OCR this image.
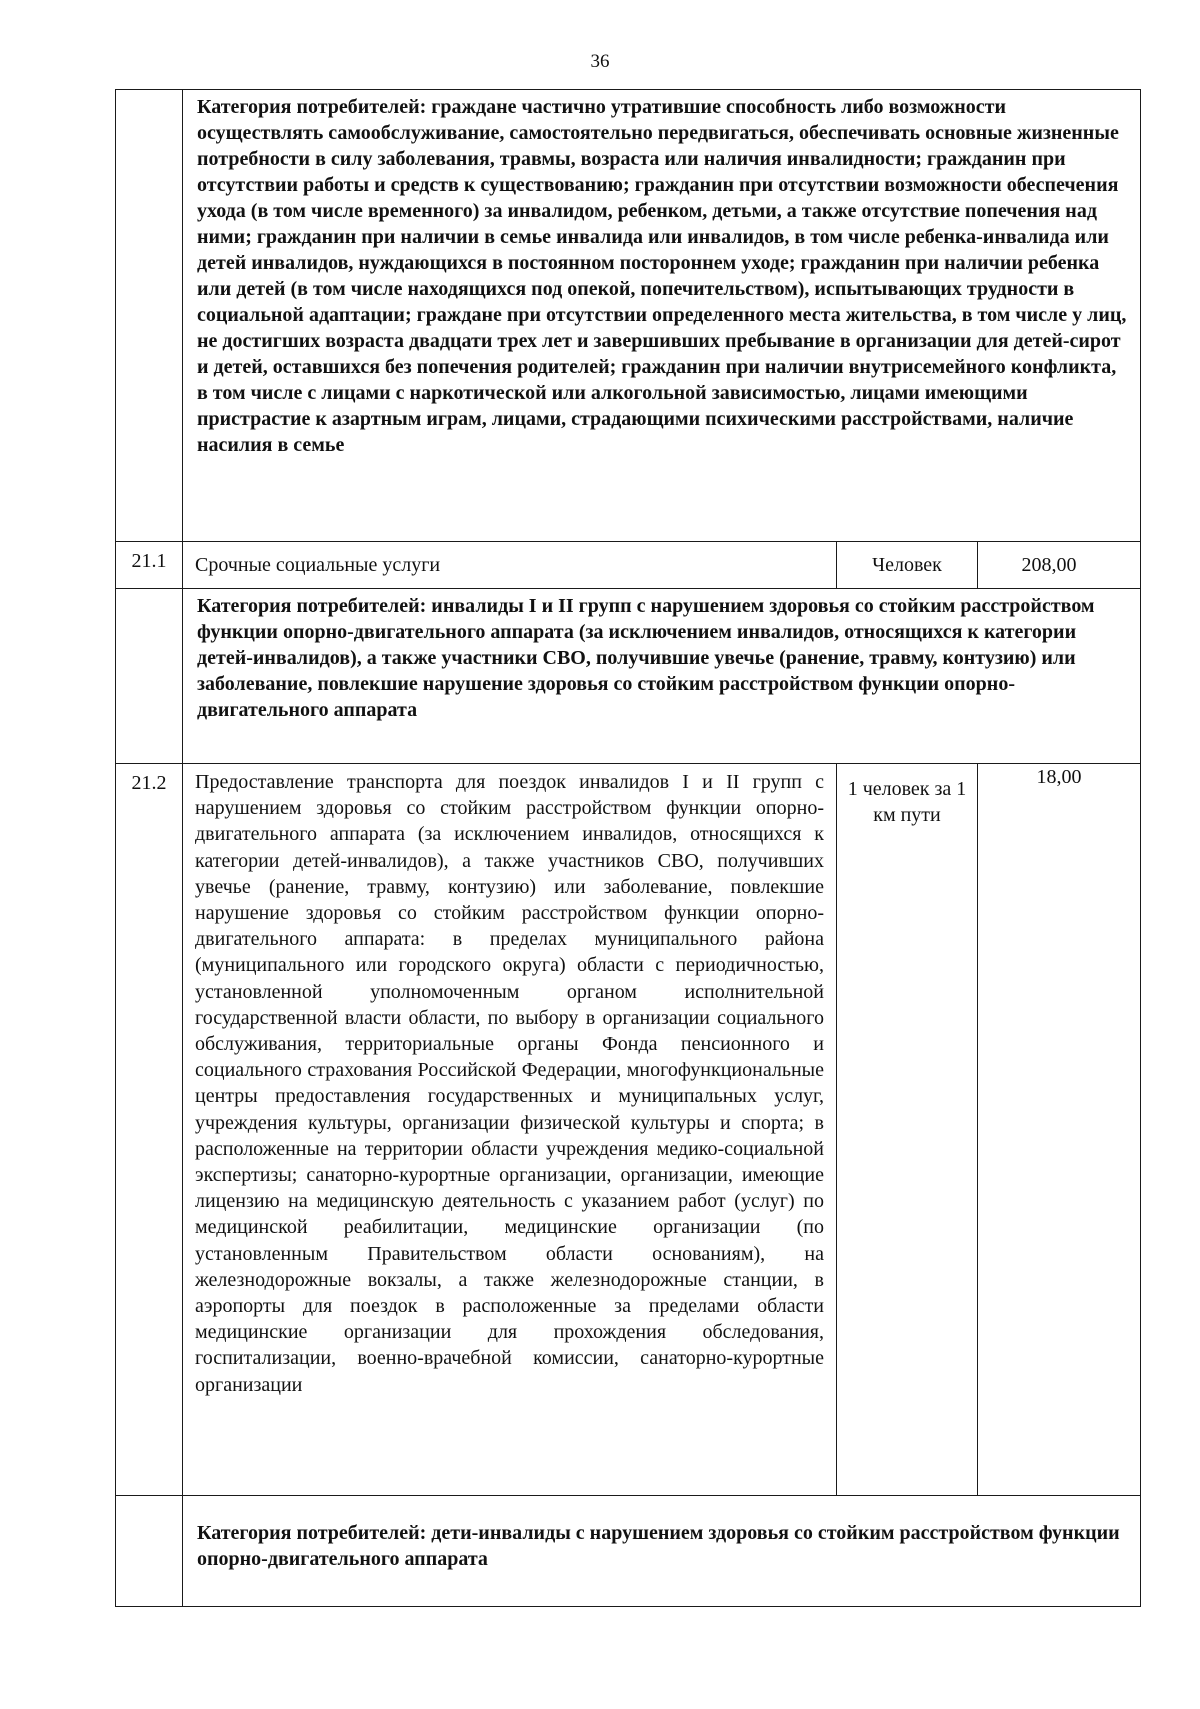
36

	Категория потребителей: граждане частично утратившие способность либо возможности осуществлять самообслуживание, самостоятельно передвигаться, обеспечивать основные жизненные потребности в силу заболевания, травмы, возраста или наличия инвалидности; гражданин при отсутствии работы и средств к существованию; гражданин при отсутствии возможности обеспечения ухода (в том числе временного) за инвалидом, ребенком, детьми, а также отсутствие попечения над ними; гражданин при наличии в семье инвалида или инвалидов, в том числе ребенка-инвалида или детей инвалидов, нуждающихся в постоянном постороннем уходе; гражданин при наличии ребенка или детей (в том числе находящихся под опекой, попечительством), испытывающих трудности в социальной адаптации; граждане при отсутствии определенного места жительства, в том числе у лиц, не достигших возраста двадцати трех лет и завершивших пребывание в организации для детей-сирот и детей, оставшихся без попечения родителей; гражданин при наличии внутрисемейного конфликта, в том числе с лицами с наркотической или алкогольной зависимостью, лицами имеющими пристрастие к азартным играм, лицами, страдающими психическими расстройствами, наличие насилия в семье		

21.1	Срочные социальные услуги	Человек	208,00

	Категория потребителей: инвалиды I и II групп с нарушением здоровья со стойким расстройством функции опорно-двигательного аппарата (за исключением инвалидов, относящихся к категории детей-инвалидов), а также участники СВО, получившие увечье (ранение, травму, контузию) или заболевание, повлекшие нарушение здоровья со стойким расстройством функции опорно-двигательного аппарата		

21.2	Предоставление транспорта для поездок инвалидов I и II групп с нарушением здоровья со стойким расстройством функции опорно-двигательного аппарата (за исключением инвалидов, относящихся к категории детей-инвалидов), а также участников СВО, получивших увечье (ранение, травму, контузию) или заболевание, повлекшие нарушение здоровья со стойким расстройством функции опорно-двигательного аппарата: в пределах муниципального района (муниципального или городского округа) области с периодичностью, установленной уполномоченным органом исполнительной государственной власти области, по выбору в организации социального обслуживания, территориальные органы Фонда пенсионного и социального страхования Российской Федерации, многофункциональные центры предоставления государственных и муниципальных услуг, учреждения культуры, организации физической культуры и спорта; в расположенные на территории области учреждения медико-социальной экспертизы; санаторно-курортные организации, организации, имеющие лицензию на медицинскую деятельность с указанием работ (услуг) по медицинской реабилитации, медицинские организации (по установленным Правительством области основаниям), на железнодорожные вокзалы, а также железнодорожные станции, в аэропорты для поездок в расположенные за пределами области медицинские организации для прохождения обследования, госпитализации, военно-врачебной комиссии, санаторно-курортные организации	1 человек за 1 км пути	18,00

	Категория потребителей: дети-инвалиды с нарушением здоровья со стойким расстройством функции опорно-двигательного аппарата		
